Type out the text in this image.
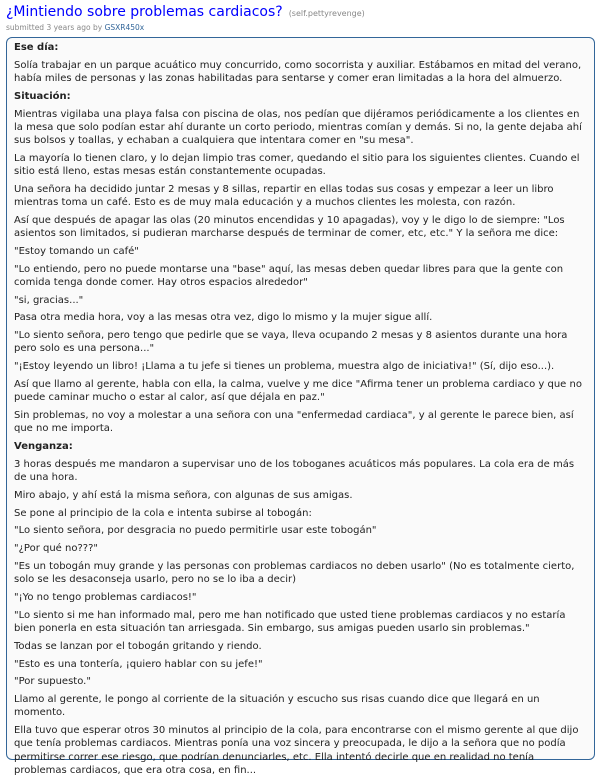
¿Mintiendo sobre problemas cardiacos? (self.pettyrevenge)
submitted 3 years ago by GSXR450x

Ese día:

Solía trabajar en un parque acuático muy concurrido, como socorrista y auxiliar. Estábamos en mitad del verano, había miles de personas y las zonas habilitadas para sentarse y comer eran limitadas a la hora del almuerzo.

Situación:

Mientras vigilaba una playa falsa con piscina de olas, nos pedían que dijéramos periódicamente a los clientes en la mesa que solo podían estar ahí durante un corto periodo, mientras comían y demás. Si no, la gente dejaba ahí sus bolsos y toallas, y echaban a cualquiera que intentara comer en "su mesa".

La mayoría lo tienen claro, y lo dejan limpio tras comer, quedando el sitio para los siguientes clientes. Cuando el sitio está lleno, estas mesas están constantemente ocupadas.

Una señora ha decidido juntar 2 mesas y 8 sillas, repartir en ellas todas sus cosas y empezar a leer un libro mientras toma un café. Esto es de muy mala educación y a muchos clientes les molesta, con razón.

Así que después de apagar las olas (20 minutos encendidas y 10 apagadas), voy y le digo lo de siempre: "Los asientos son limitados, si pudieran marcharse después de terminar de comer, etc, etc." Y la señora me dice:

"Estoy tomando un café"

"Lo entiendo, pero no puede montarse una "base" aquí, las mesas deben quedar libres para que la gente con comida tenga donde comer. Hay otros espacios alrededor"

"si, gracias..."

Pasa otra media hora, voy a las mesas otra vez, digo lo mismo y la mujer sigue allí.

"Lo siento señora, pero tengo que pedirle que se vaya, lleva ocupando 2 mesas y 8 asientos durante una hora pero solo es una persona..."

"¡Estoy leyendo un libro! ¡Llama a tu jefe si tienes un problema, muestra algo de iniciativa!" (Sí, dijo eso...).

Así que llamo al gerente, habla con ella, la calma, vuelve y me dice "Afirma tener un problema cardiaco y que no puede caminar mucho o estar al calor, así que déjala en paz."

Sin problemas, no voy a molestar a una señora con una "enfermedad cardiaca", y al gerente le parece bien, así que no me importa.

Venganza:

3 horas después me mandaron a supervisar uno de los toboganes acuáticos más populares. La cola era de más de una hora.

Miro abajo, y ahí está la misma señora, con algunas de sus amigas.

Se pone al principio de la cola e intenta subirse al tobogán:

"Lo siento señora, por desgracia no puedo permitirle usar este tobogán"

"¿Por qué no???"

"Es un tobogán muy grande y las personas con problemas cardiacos no deben usarlo" (No es totalmente cierto, solo se les desaconseja usarlo, pero no se lo iba a decir)

"¡Yo no tengo problemas cardiacos!"

"Lo siento si me han informado mal, pero me han notificado que usted tiene problemas cardiacos y no estaría bien ponerla en esta situación tan arriesgada. Sin embargo, sus amigas pueden usarlo sin problemas."

Todas se lanzan por el tobogán gritando y riendo.

"Esto es una tontería, ¡quiero hablar con su jefe!"

"Por supuesto."

Llamo al gerente, le pongo al corriente de la situación y escucho sus risas cuando dice que llegará en un momento.

Ella tuvo que esperar otros 30 minutos al principio de la cola, para encontrarse con el mismo gerente al que dijo que tenía problemas cardiacos. Mientras ponía una voz sincera y preocupada, le dijo a la señora que no podía permitirse correr ese riesgo, que podrían denunciarles, etc. Ella intentó decirle que en realidad no tenía problemas cardiacos, que era otra cosa, en fin...
